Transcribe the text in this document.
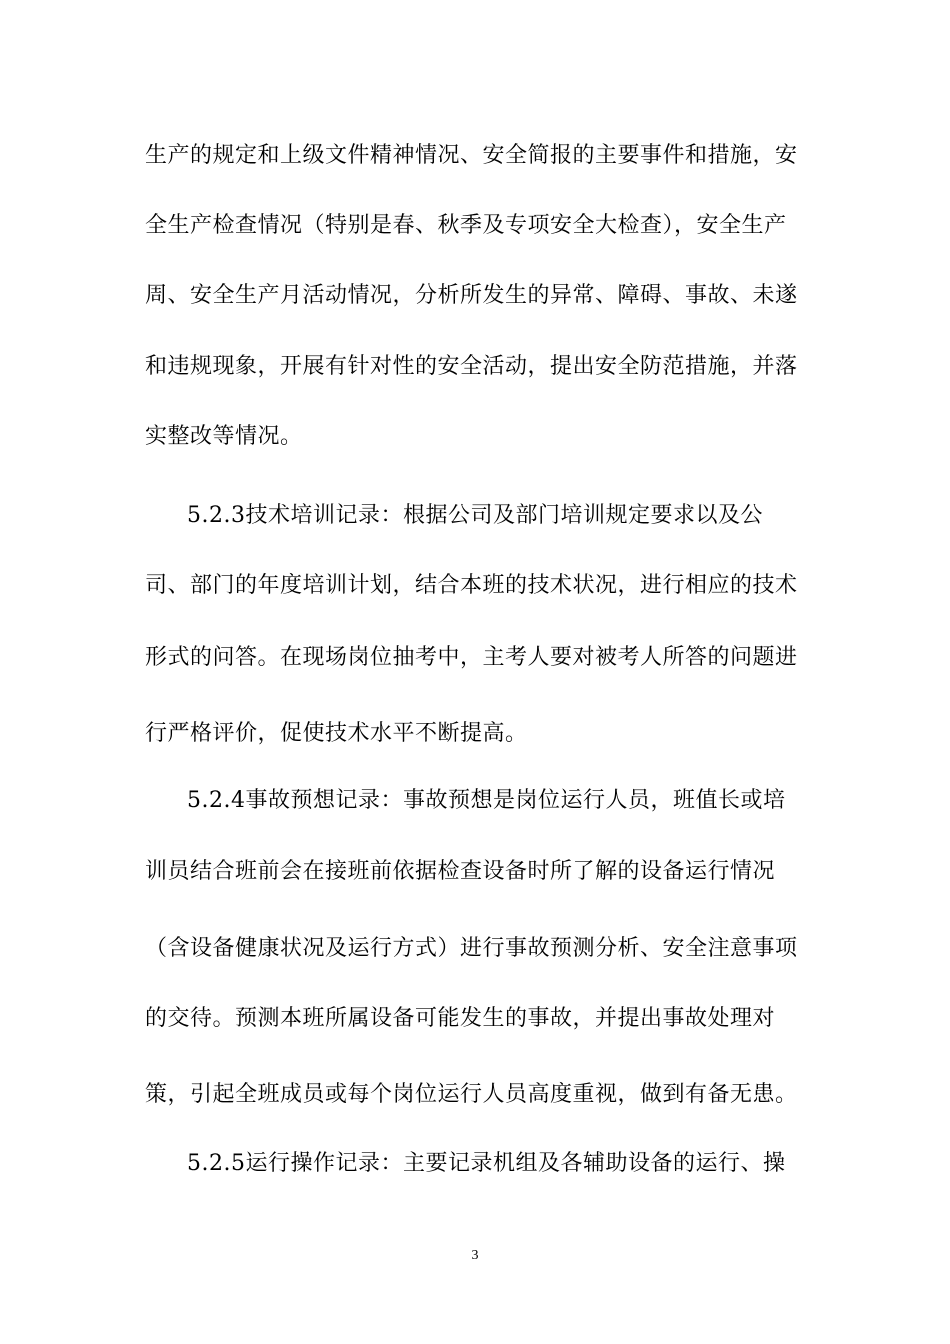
生产的规定和上级文件精神情况、安全简报的主要事件和措施，安
全生产检查情况（特别是春、秋季及专项安全大检查），安全生产
周、安全生产月活动情况，分析所发生的异常、障碍、事故、未遂
和违规现象，开展有针对性的安全活动，提出安全防范措施，并落
实整改等情况。
5.2.3技术培训记录：根据公司及部门培训规定要求以及公
司、部门的年度培训计划，结合本班的技术状况，进行相应的技术
形式的问答。在现场岗位抽考中，主考人要对被考人所答的问题进
行严格评价，促使技术水平不断提高。
5.2.4事故预想记录：事故预想是岗位运行人员，班值长或培
训员结合班前会在接班前依据检查设备时所了解的设备运行情况
（含设备健康状况及运行方式）进行事故预测分析、安全注意事项
的交待。预测本班所属设备可能发生的事故，并提出事故处理对
策，引起全班成员或每个岗位运行人员高度重视，做到有备无患。
5.2.5运行操作记录：主要记录机组及各辅助设备的运行、操
3
